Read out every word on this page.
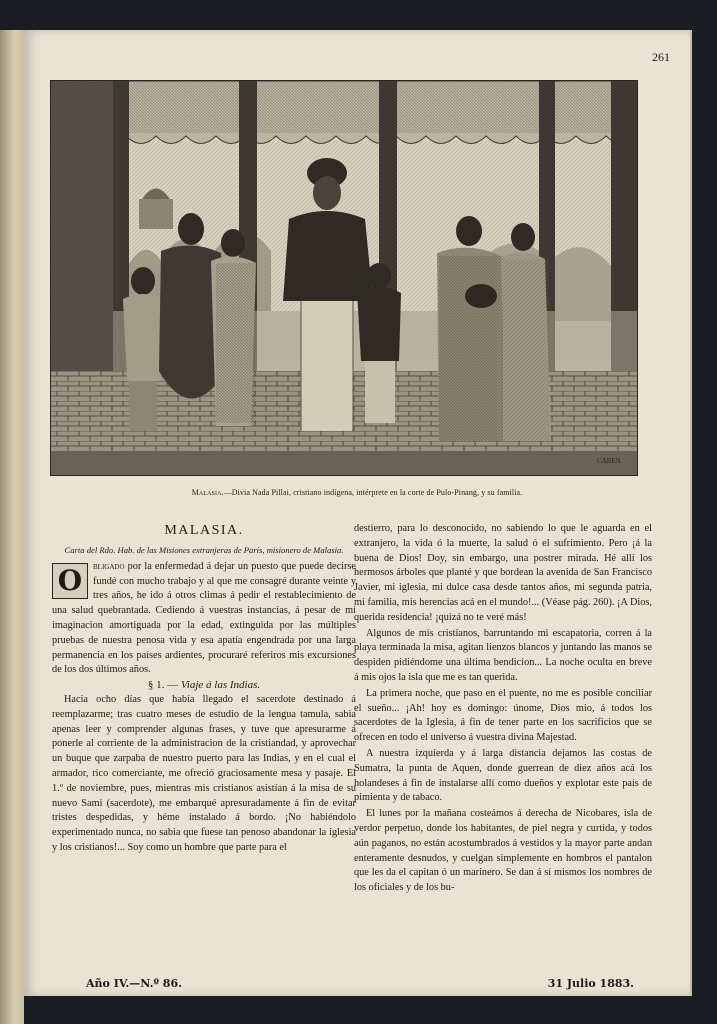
261
CAREN
Malasia.—Divia Nada Pillai, cristiano indígena, intérprete en la corte de Pulo-Pinang, y su familia.
MALASIA.
Carta del Rdo. Hab. de las Misiones extranjeras de París, misionero de Malasia.

O	bligado por la enfermedad á dejar un puesto que puede decirse fundé con mucho trabajo y al que me consagré durante veinte y tres años, he ido á otros climas á pedir el restablecimiento de una salud quebrantada. Cediendo á vuestras instancias, á pesar de mi imaginacion amortiguada por la edad, extinguida por las múltiples pruebas de nuestra penosa vida y esa apatía engendrada por una larga permanencia en los países ardientes, procuraré referiros mis excursiones de los dos últimos años.

§ 1. — Viaje á las Indias.

Hacia ocho días que había llegado el sacerdote destinado á reemplazarme; tras cuatro meses de estudio de la lengua tamula, sabia apenas leer y comprender algunas frases, y tuve que apresurarme á ponerle al corriente de la administracion de la cristiandad, y aprovechar un buque que zarpaba de nuestro puerto para las Indias, y en el cual el armador, rico comerciante, me ofreció graciosamente mesa y pasaje. El 1.º de noviembre, pues, mientras mis cristianos asistían á la misa de su nuevo Sami (sacerdote), me embarqué apresuradamente á fin de evitar tristes despedidas, y héme instalado á bordo. ¡No habiéndolo experimentado nunca, no sabia que fuese tan penoso abandonar la iglesia y los cristianos!... Soy como un hombre que parte para el

destierro, para lo desconocido, no sabiendo lo que le aguarda en el extranjero, la vida ó la muerte, la salud ó el sufrimiento. Pero ¡á la buena de Dios! Doy, sin embargo, una postrer mirada. Hé allí los hermosos árboles que planté y que bordean la avenida de San Francisco Javier, mi iglesia, mi dulce casa desde tantos años, mi segunda patria, mi familia, mis herencias acá en el mundo!... (Véase pág. 260). ¡A Dios, querida residencia! ¡quizá no te veré más!

Algunos de mis cristianos, barruntando mi escapatoria, corren á la playa terminada la misa, agitan lienzos blancos y juntando las manos se despiden pidiéndome una última bendicion... La noche oculta en breve á mis ojos la isla que me es tan querida.

La primera noche, que paso en el puente, no me es posible conciliar el sueño... ¡Ah! hoy es domingo: únome, Dios mio, á todos los sacerdotes de la Iglesia, á fin de tener parte en los sacrificios que se ofrecen en todo el universo á vuestra divina Majestad.

A nuestra izquierda y á larga distancia dejamos las costas de Sumatra, la punta de Aquen, donde guerrean de diez años acá los holandeses á fin de instalarse allí como dueños y explotar este país de pimienta y de tabaco.

El lunes por la mañana costeámos á derecha de Nicobares, isla de verdor perpetuo, donde los habitantes, de piel negra y curtida, y todos aún paganos, no están acostumbrados á vestidos y la mayor parte andan enteramente desnudos, y cuelgan simplemente en hombros el pantalon que les da el capitan ó un marinero. Se dan á sí mismos los nombres de los oficiales y de los bu-

Año IV.—N.º 86.	31 Julio 1883.
